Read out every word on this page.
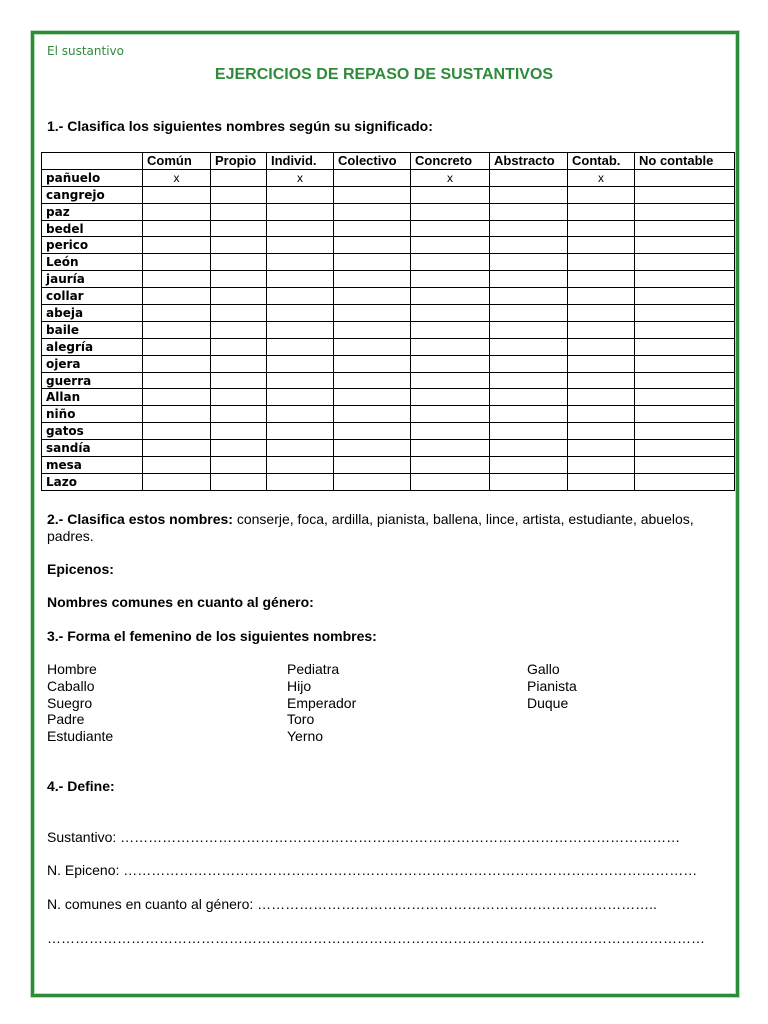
El sustantivo
EJERCICIOS DE REPASO DE SUSTANTIVOS
1.- Clasifica los siguientes nombres según su significado:
	Común	Propio	Individ.	Colectivo	Concreto	Abstracto	Contab.	No contable
pañuelo	x		x		x		x	
cangrejo								
paz								
bedel								
perico								
León								
jauría								
collar								
abeja								
baile								
alegría								
ojera								
guerra								
Allan								
niño								
gatos								
sandía								
mesa								
Lazo								
2.- Clasifica estos nombres: conserje, foca, ardilla, pianista, ballena, lince, artista, estudiante, abuelos, padres.
Epicenos:
Nombres comunes en cuanto al género:
3.- Forma el femenino de los siguientes nombres:
Hombre
Caballo
Suegro
Padre
Estudiante
Pediatra
Hijo
Emperador
Toro
Yerno
Gallo
Pianista
Duque
4.- Define:
Sustantivo: …………………………………………………………………………………………………………
N. Epiceno: ……………………………………………………………………………………………………………
N. comunes en cuanto al género: …………………………………………………………………………..
……………………………………………………………………………………………………………………………
